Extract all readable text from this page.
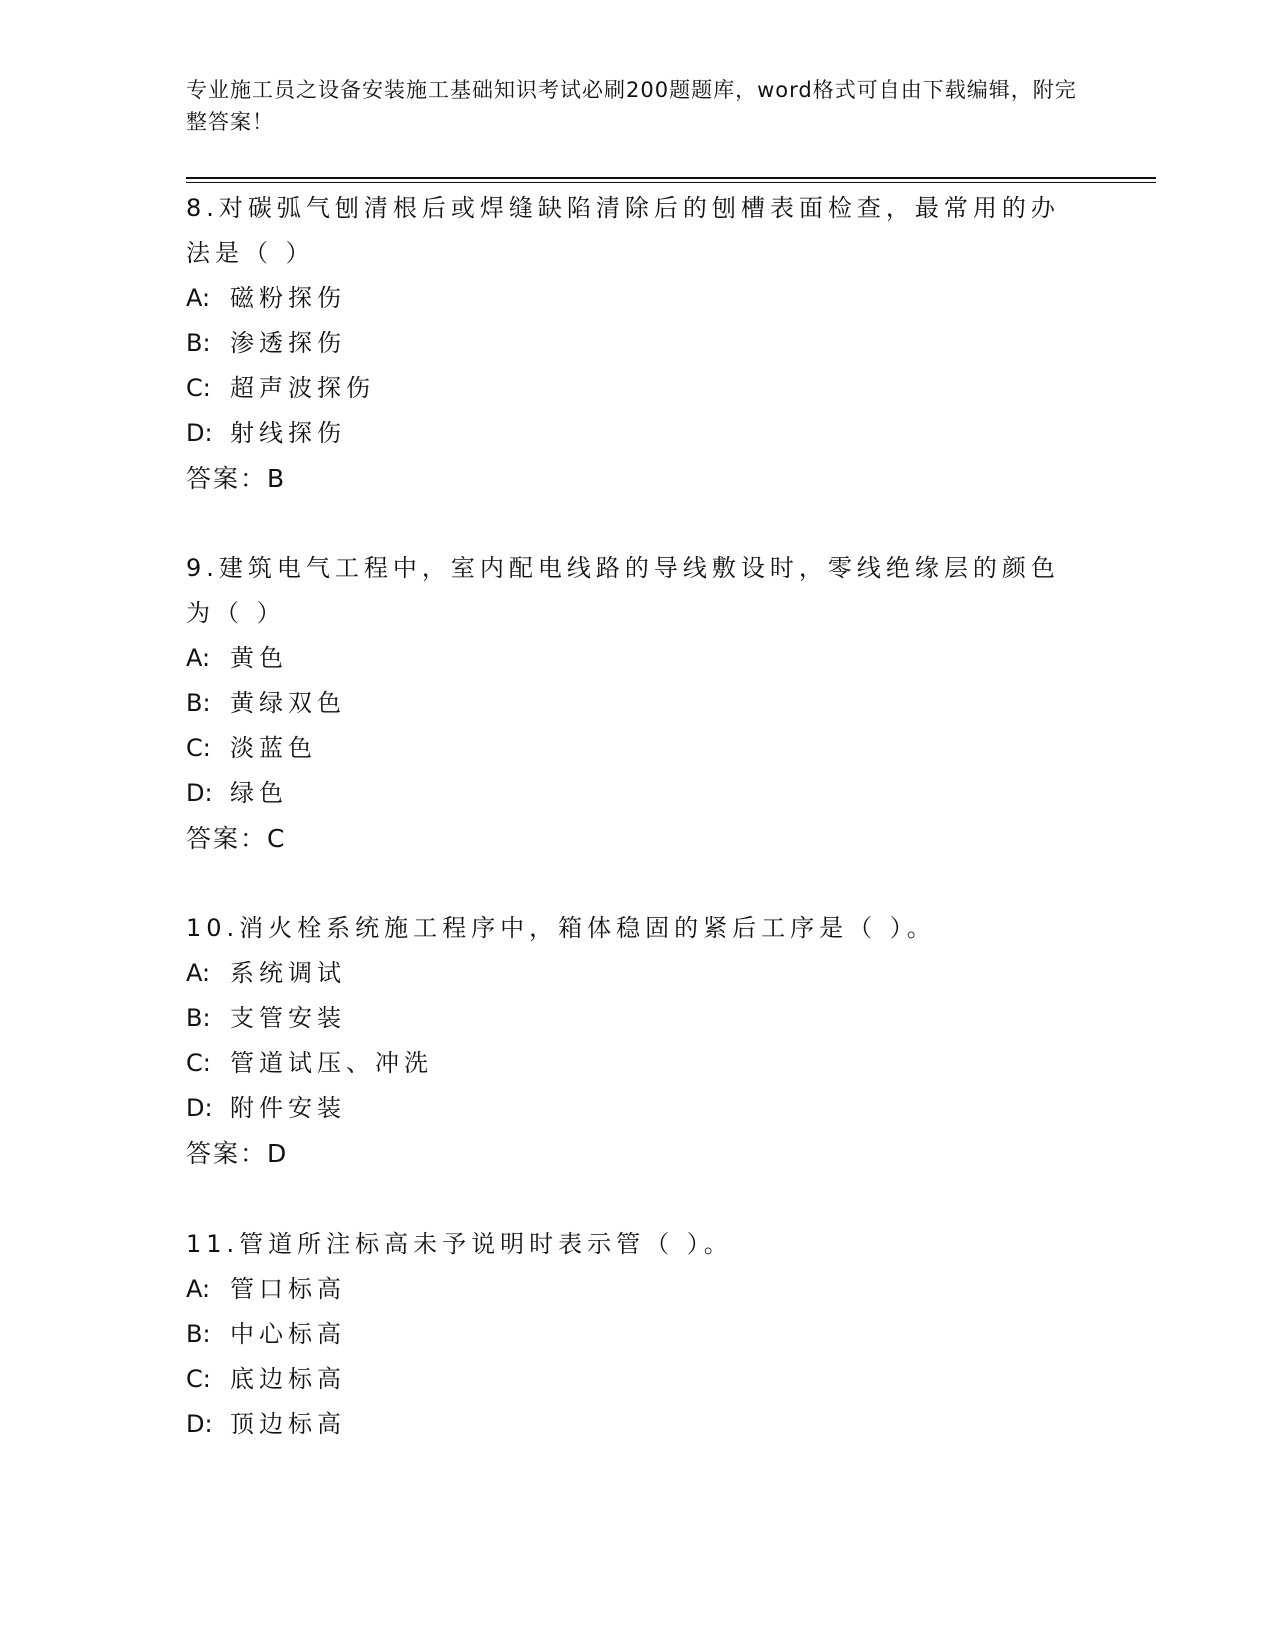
专业施工员之设备安装施工基础知识考试必刷200题题库，word格式可自由下载编辑，附完整答案！

8.对碳弧气刨清根后或焊缝缺陷清除后的刨槽表面检查，最常用的办法是（ ）

A: 磁粉探伤
B: 渗透探伤
C: 超声波探伤
D: 射线探伤
答案：B

9.建筑电气工程中，室内配电线路的导线敷设时，零线绝缘层的颜色为（ ）

A: 黄色
B: 黄绿双色
C: 淡蓝色
D: 绿色
答案：C

10.消火栓系统施工程序中，箱体稳固的紧后工序是（ ）。

A: 系统调试
B: 支管安装
C: 管道试压、冲洗
D: 附件安装
答案：D

11.管道所注标高未予说明时表示管（ ）。

A: 管口标高
B: 中心标高
C: 底边标高
D: 顶边标高
